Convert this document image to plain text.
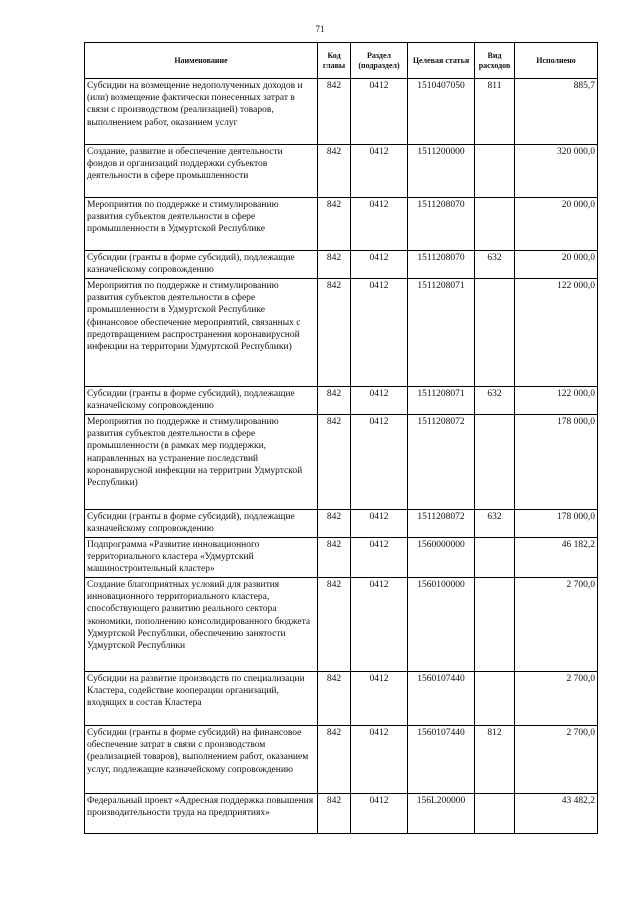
71
Наименование	Код главы	Раздел (подраздел)	Целевая статья	Вид расходов	Исполнено
Субсидии на возмещение недополученных доходов и (или) возмещение фактически понесенных затрат в связи с производством (реализацией) товаров, выполнением работ, оказанием услуг	842	0412	1510407050	811	885,7
Создание, развитие и обеспечение деятельности фондов и организаций поддержки субъектов деятельности в сфере промышленности	842	0412	1511200000		320 000,0
Мероприятия по поддержке и стимулированию развития субъектов деятельности в сфере промышленности в Удмуртской Республике	842	0412	1511208070		20 000,0
Субсидии (гранты в форме субсидий), подлежащие казначейскому сопровождению	842	0412	1511208070	632	20 000,0
Мероприятия по поддержке и стимулированию развития субъектов деятельности в сфере промышленности в Удмуртской Республике (финансовое обеспечение мероприятий, связанных с предотвращением распространения коронавирусной инфекции на территории Удмуртской Республики)	842	0412	1511208071		122 000,0
Субсидии (гранты в форме субсидий), подлежащие казначейскому сопровождению	842	0412	1511208071	632	122 000,0
Мероприятия по поддержке и стимулированию развития субъектов деятельности в сфере промышленности (в рамках мер поддержки, направленных на устранение последствий коронавирусной инфекции на территрии Удмуртской Республики)	842	0412	1511208072		178 000,0
Субсидии (гранты в форме субсидий), подлежащие казначейскому сопровождению	842	0412	1511208072	632	178 000,0
Подпрограмма «Развитие инновационного территориального кластера «Удмуртский машиностроительный кластер»	842	0412	1560000000		46 182,2
Создание благоприятных условий для развития инновационного территориального кластера, способствующего развитию реального сектора экономики, пополнению консолидированного бюджета Удмуртской Республики, обеспечению занятости Удмуртской Республики	842	0412	1560100000		2 700,0
Субсидии на развитие производств по специализации Кластера, содействие кооперации организаций, входящих в состав Кластера	842	0412	1560107440		2 700,0
Субсидии (гранты в форме субсидий) на финансовое обеспечение затрат в связи с производством (реализацией товаров), выполнением работ, оказанием услуг, подлежащие казначейскому сопровождению	842	0412	1560107440	812	2 700,0
Федеральный проект «Адресная поддержка повышения производительности труда на предприятиях»	842	0412	156L200000		43 482,2
